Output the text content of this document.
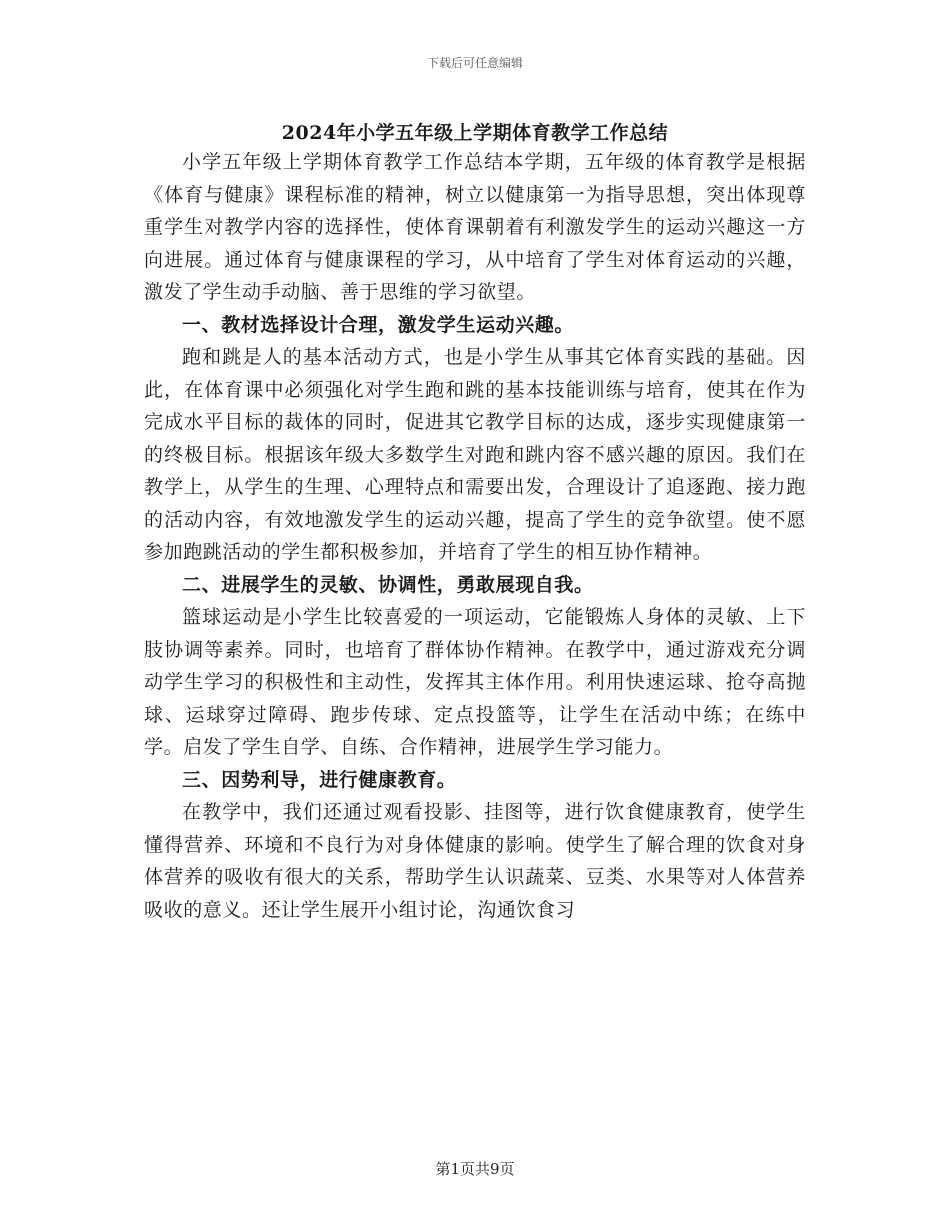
下载后可任意编辑
2024年小学五年级上学期体育教学工作总结

小学五年级上学期体育教学工作总结本学期，五年级的体育教学是根据《体育与健康》课程标准的精神，树立以健康第一为指导思想，突出体现尊重学生对教学内容的选择性，使体育课朝着有利激发学生的运动兴趣这一方向进展。通过体育与健康课程的学习，从中培育了学生对体育运动的兴趣，激发了学生动手动脑、善于思维的学习欲望。

一、教材选择设计合理，激发学生运动兴趣。

跑和跳是人的基本活动方式，也是小学生从事其它体育实践的基础。因此，在体育课中必须强化对学生跑和跳的基本技能训练与培育，使其在作为完成水平目标的裁体的同时，促进其它教学目标的达成，逐步实现健康第一的终极目标。根据该年级大多数学生对跑和跳内容不感兴趣的原因。我们在教学上，从学生的生理、心理特点和需要出发，合理设计了追逐跑、接力跑的活动内容，有效地激发学生的运动兴趣，提高了学生的竞争欲望。使不愿参加跑跳活动的学生都积极参加，并培育了学生的相互协作精神。

二、进展学生的灵敏、协调性，勇敢展现自我。

篮球运动是小学生比较喜爱的一项运动，它能锻炼人身体的灵敏、上下肢协调等素养。同时，也培育了群体协作精神。在教学中，通过游戏充分调动学生学习的积极性和主动性，发挥其主体作用。利用快速运球、抢夺高抛球、运球穿过障碍、跑步传球、定点投篮等，让学生在活动中练；在练中学。启发了学生自学、自练、合作精神，进展学生学习能力。

三、因势利导，进行健康教育。

在教学中，我们还通过观看投影、挂图等，进行饮食健康教育，使学生懂得营养、环境和不良行为对身体健康的影响。使学生了解合理的饮食对身体营养的吸收有很大的关系，帮助学生认识蔬菜、豆类、水果等对人体营养吸收的意义。还让学生展开小组讨论，沟通饮食习

第1页共9页
